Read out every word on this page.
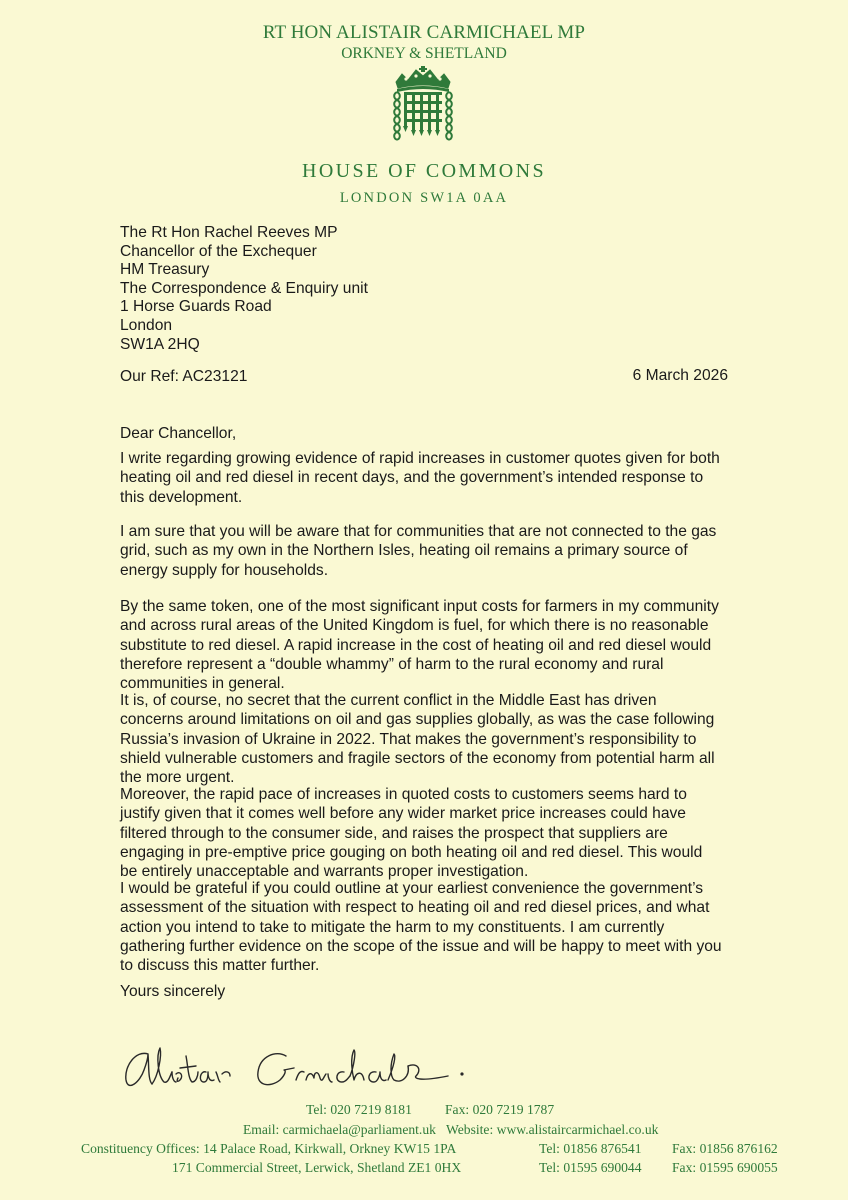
RT HON ALISTAIR CARMICHAEL MP
ORKNEY & SHETLAND
HOUSE OF COMMONS
LONDON SW1A 0AA
The Rt Hon Rachel Reeves MP
Chancellor of the Exchequer
HM Treasury
The Correspondence & Enquiry unit
1 Horse Guards Road
London
SW1A 2HQ
Our Ref: AC23121	6 March 2026
Dear Chancellor,
I write regarding growing evidence of rapid increases in customer quotes given for both
heating oil and red diesel in recent days, and the government’s intended response to
this development.
I am sure that you will be aware that for communities that are not connected to the gas
grid, such as my own in the Northern Isles, heating oil remains a primary source of
energy supply for households.
By the same token, one of the most significant input costs for farmers in my community
and across rural areas of the United Kingdom is fuel, for which there is no reasonable
substitute to red diesel. A rapid increase in the cost of heating oil and red diesel would
therefore represent a “double whammy” of harm to the rural economy and rural
communities in general.
It is, of course, no secret that the current conflict in the Middle East has driven
concerns around limitations on oil and gas supplies globally, as was the case following
Russia’s invasion of Ukraine in 2022. That makes the government’s responsibility to
shield vulnerable customers and fragile sectors of the economy from potential harm all
the more urgent.
Moreover, the rapid pace of increases in quoted costs to customers seems hard to
justify given that it comes well before any wider market price increases could have
filtered through to the consumer side, and raises the prospect that suppliers are
engaging in pre-emptive price gouging on both heating oil and red diesel. This would
be entirely unacceptable and warrants proper investigation.
I would be grateful if you could outline at your earliest convenience the government’s
assessment of the situation with respect to heating oil and red diesel prices, and what
action you intend to take to mitigate the harm to my constituents. I am currently
gathering further evidence on the scope of the issue and will be happy to meet with you
to discuss this matter further.
Yours sincerely
Tel: 020 7219 8181 Fax: 020 7219 1787
Email: carmichaela@parliament.uk Website: www.alistaircarmichael.co.uk
Constituency Offices: 14 Palace Road, Kirkwall, Orkney KW15 1PA
171 Commercial Street, Lerwick, Shetland ZE1 0HX
Tel: 01856 876541 Fax: 01856 876162
Tel: 01595 690044 Fax: 01595 690055
